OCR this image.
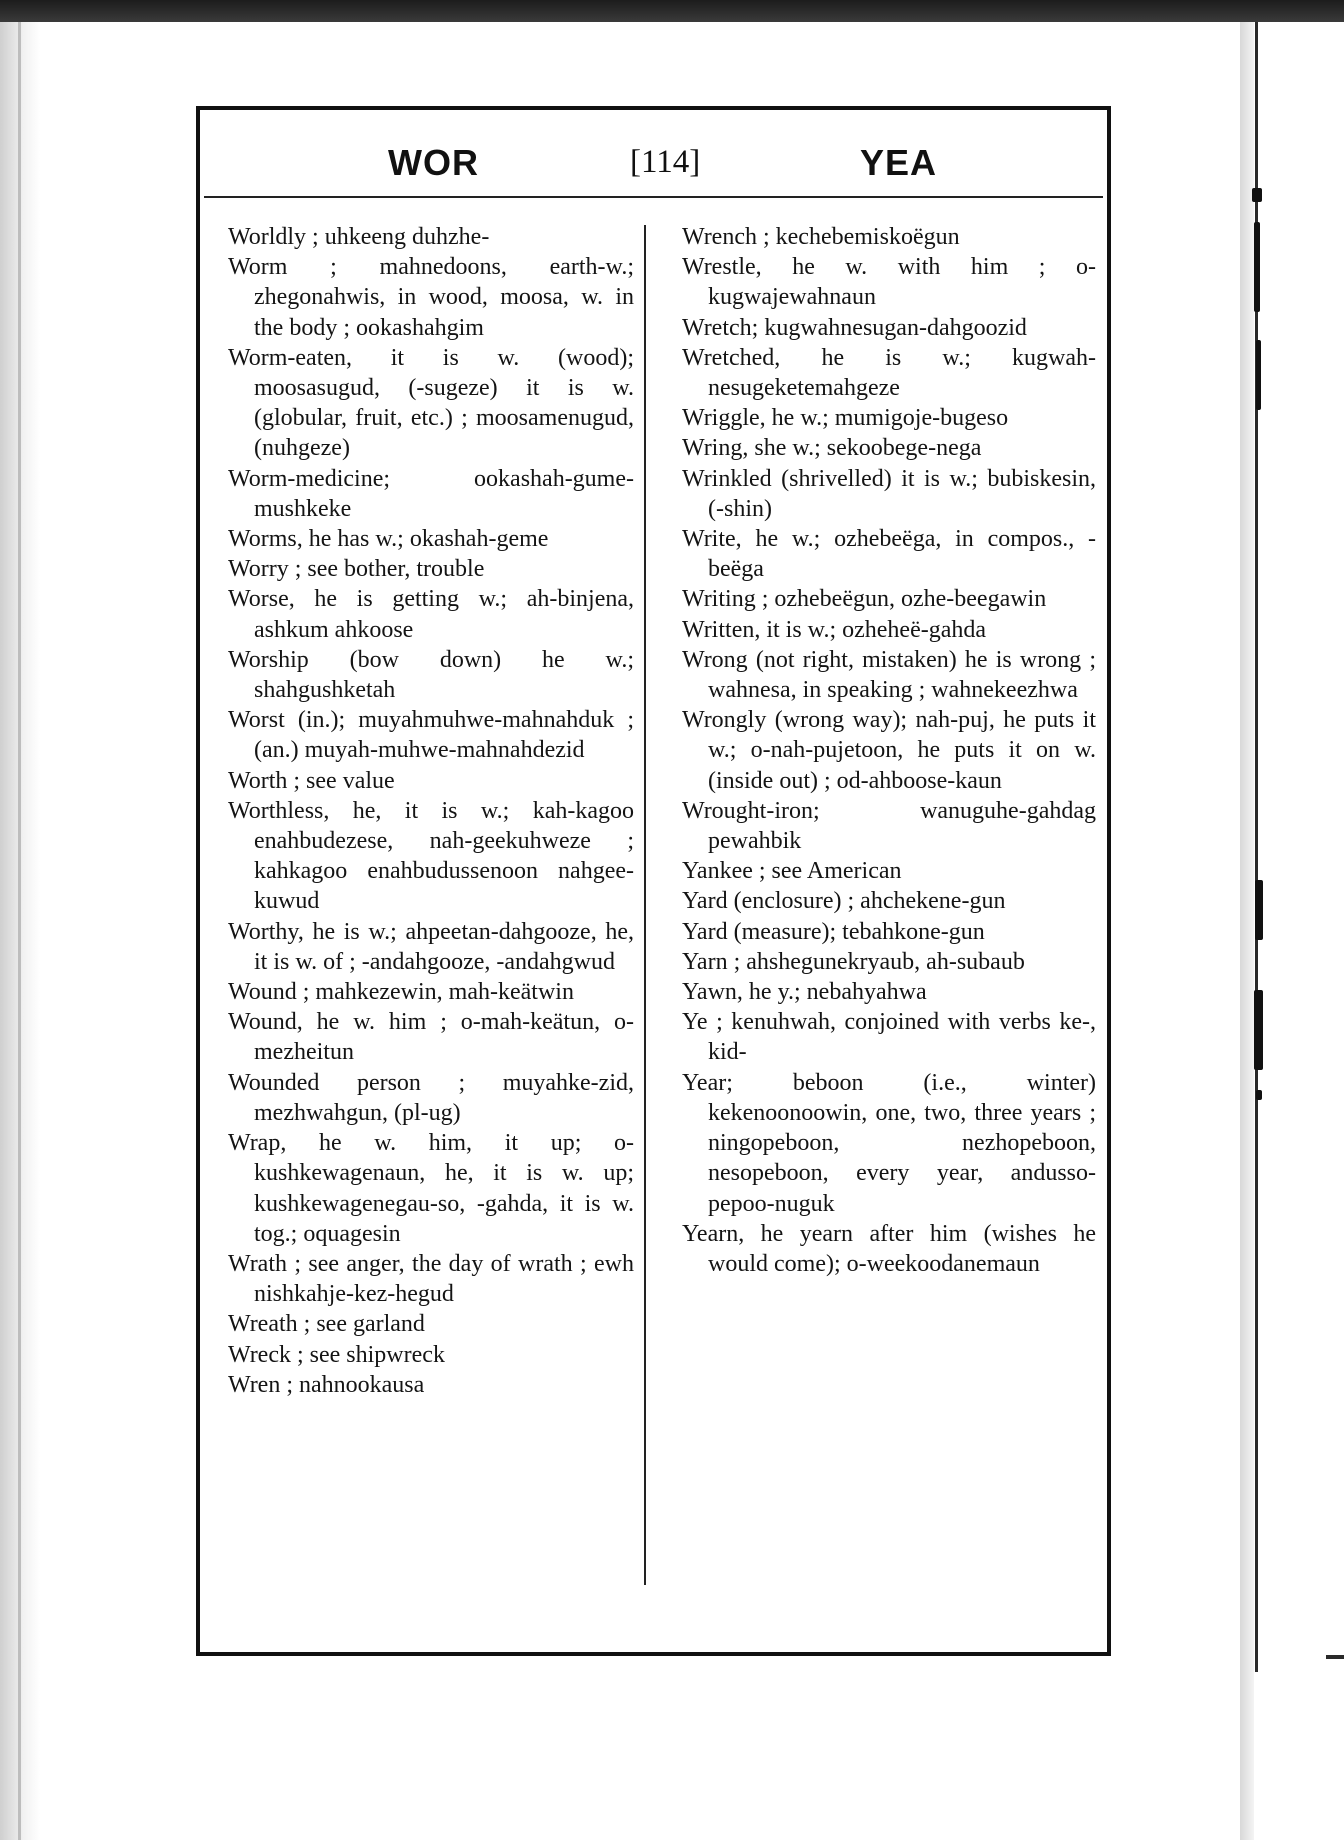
WOR	[114]	YEA

Worldly ; uhkeeng duhzhe-

Worm ; mahnedoons, earth-w.; zhegonahwis, in wood, moosa, w. in the body ; ookashahgim

Worm-eaten, it is w. (wood); moosasugud, (-sugeze) it is w. (globular, fruit, etc.) ; moosamenugud, (nuhgeze)

Worm-medicine; ookashah-gume-mushkeke

Worms, he has w.; okashah-geme

Worry ; see bother, trouble

Worse, he is getting w.; ah-binjena, ashkum ahkoose

Worship (bow down) he w.; shahgushketah

Worst (in.); muyahmuhwe-mahnahduk ; (an.) muyah-muhwe-mahnahdezid

Worth ; see value

Worthless, he, it is w.; kah-kagoo enahbudezese, nah-geekuhweze ; kahkagoo enahbudussenoon nahgee-kuwud

Worthy, he is w.; ahpeetan-dahgooze, he, it is w. of ; -andahgooze, -andahgwud

Wound ; mahkezewin, mah-keätwin

Wound, he w. him ; o-mah-keätun, o-mezheitun

Wounded person ; muyahke-zid, mezhwahgun, (pl-ug)

Wrap, he w. him, it up; o-kushkewagenaun, he, it is w. up; kushkewagenegau-so, -gahda, it is w. tog.; oquagesin

Wrath ; see anger, the day of wrath ; ewh nishkahje-kez-hegud

Wreath ; see garland

Wreck ; see shipwreck

Wren ; nahnookausa

Wrench ; kechebemiskoëgun

Wrestle, he w. with him ; o-kugwajewahnaun

Wretch; kugwahnesugan-dahgoozid

Wretched, he is w.; kugwah-nesugeketemahgeze

Wriggle, he w.; mumigoje-bugeso

Wring, she w.; sekoobege-nega

Wrinkled (shrivelled) it is w.; bubiskesin, (-shin)

Write, he w.; ozhebeëga, in compos., -beëga

Writing ; ozhebeëgun, ozhe-beegawin

Written, it is w.; ozheheë-gahda

Wrong (not right, mistaken) he is wrong ; wahnesa, in speaking ; wahnekeezhwa

Wrongly (wrong way); nah-puj, he puts it w.; o-nah-pujetoon, he puts it on w. (inside out) ; od-ahboose-kaun

Wrought-iron; wanuguhe-gahdag pewahbik

Yankee ; see American

Yard (enclosure) ; ahchekene-gun

Yard (measure); tebahkone-gun

Yarn ; ahshegunekryaub, ah-subaub

Yawn, he y.; nebahyahwa

Ye ; kenuhwah, conjoined with verbs ke-, kid-

Year; beboon (i.e., winter) kekenoonoowin, one, two, three years ; ningopeboon, nezhopeboon, nesopeboon, every year, andusso-pepoo-nuguk

Yearn, he yearn after him (wishes he would come); o-weekoodanemaun
